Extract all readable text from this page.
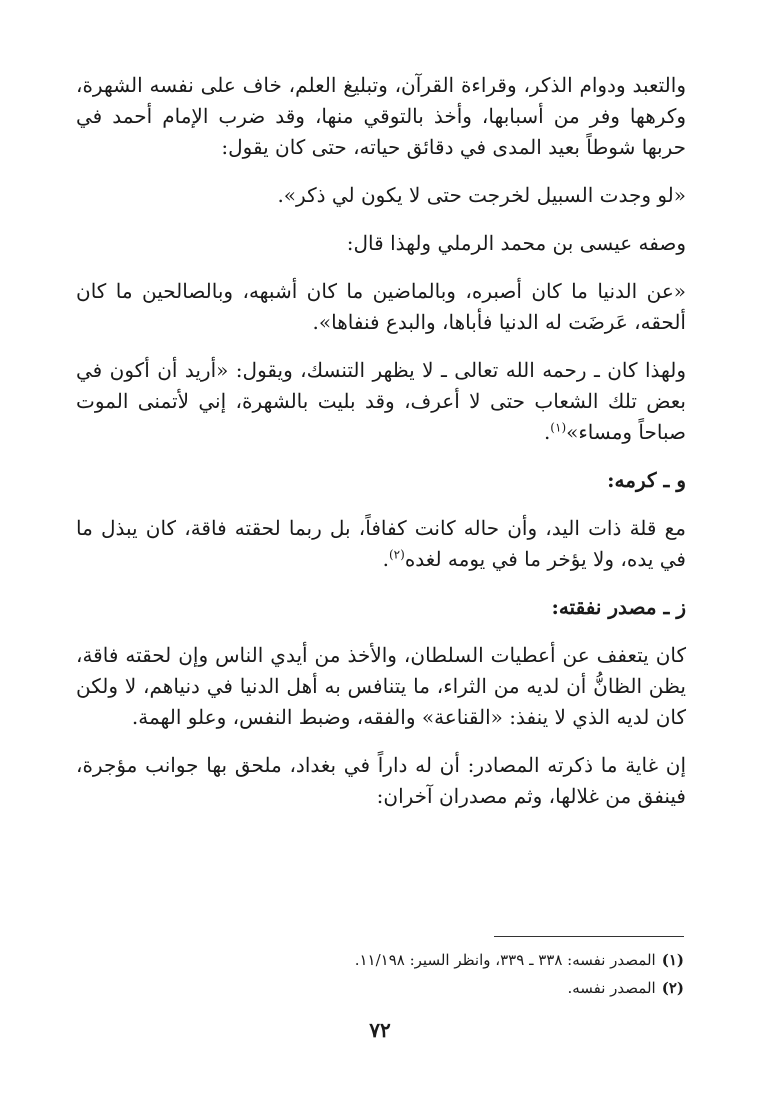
والتعبد ودوام الذكر، وقراءة القرآن، وتبليغ العلم، خاف على نفسه الشهرة، وكرهها وفر من أسبابها، وأخذ بالتوقي منها، وقد ضرب الإمام أحمد في حربها شوطاً بعيد المدى في دقائق حياته، حتى كان يقول:

«لو وجدت السبيل لخرجت حتى لا يكون لي ذكر».

وصفه عيسى بن محمد الرملي ولهذا قال:

«عن الدنيا ما كان أصبره، وبالماضين ما كان أشبهه، وبالصالحين ما كان ألحقه، عَرضَت له الدنيا فأباها، والبدع فنفاها».

ولهذا كان ـ رحمه الله تعالى ـ لا يظهر التنسك، ويقول: «أريد أن أكون في بعض تلك الشعاب حتى لا أعرف، وقد بليت بالشهرة، إني لأتمنى الموت صباحاً ومساء»$^{(١)}$.

و ـ كرمه:

مع قلة ذات اليد، وأن حاله كانت كفافاً، بل ربما لحقته فاقة، كان يبذل ما في يده، ولا يؤخر ما في يومه لغده$^{(٢)}$.

ز ـ مصدر نفقته:

كان يتعفف عن أعطيات السلطان، والأخذ من أيدي الناس وإن لحقته فاقة، يظن الظانُّ أن لديه من الثراء، ما يتنافس به أهل الدنيا في دنياهم، لا ولكن كان لديه الذي لا ينفذ: «القناعة» والفقه، وضبط النفس، وعلو الهمة.

إن غاية ما ذكرته المصادر: أن له داراً في بغداد، ملحق بها جوانب مؤجرة، فينفق من غلالها، وثم مصدران آخران:

(١)المصدر نفسه: ٣٣٨ ـ ٣٣٩، وانظر السير: ١١/١٩٨.
(٢)المصدر نفسه.
٧٢
